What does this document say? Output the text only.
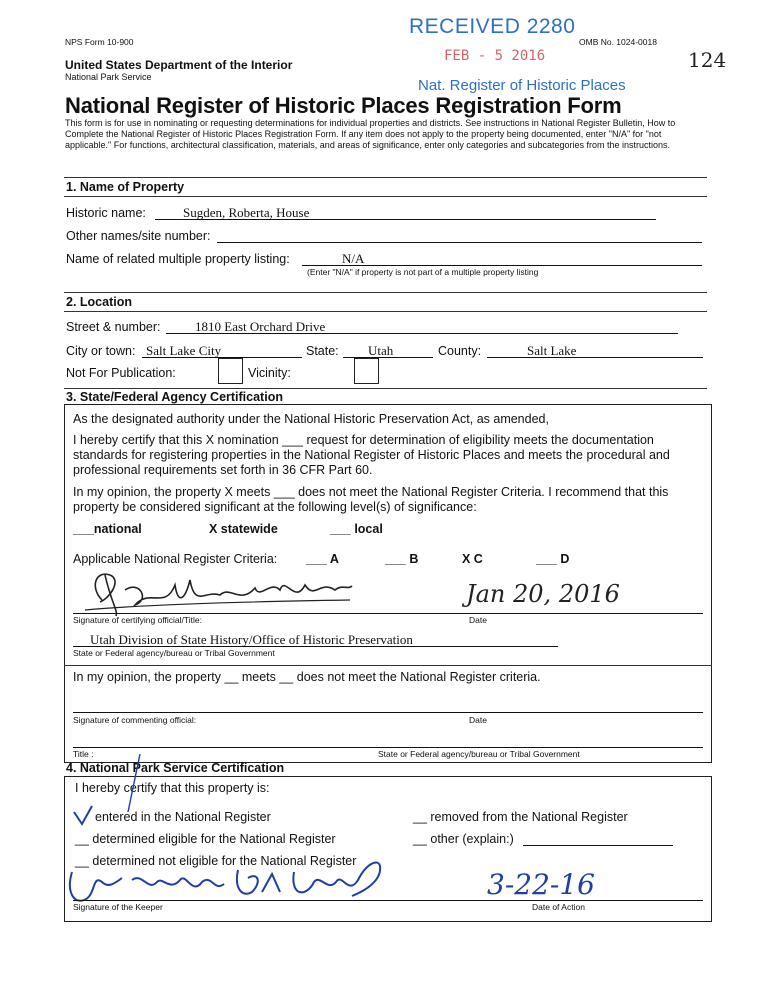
NPS Form 10-900	OMB No. 1024-0018
United States Department of the Interior
National Park Service
RECEIVED 2280
FEB - 5 2016
Nat. Register of Historic Places
124
National Register of Historic Places Registration Form
This form is for use in nominating or requesting determinations for individual properties and districts. See instructions in National Register Bulletin, How to Complete the National Register of Historic Places Registration Form. If any item does not apply to the property being documented, enter "N/A" for "not applicable." For functions, architectural classification, materials, and areas of significance, enter only categories and subcategories from the instructions.
1. Name of Property
Historic name:	Sugden, Roberta, House
Other names/site number:
Name of related multiple property listing:	N/A
(Enter "N/A" if property is not part of a multiple property listing
2. Location
Street & number:	1810 East Orchard Drive
City or town: Salt Lake City	State: Utah	County:	Salt Lake
Not For Publication:	Vicinity:
3. State/Federal Agency Certification
As the designated authority under the National Historic Preservation Act, as amended,
I hereby certify that this X nomination ___ request for determination of eligibility meets the documentation standards for registering properties in the National Register of Historic Places and meets the procedural and professional requirements set forth in 36 CFR Part 60.
In my opinion, the property X meets ___ does not meet the National Register Criteria. I recommend that this property be considered significant at the following level(s) of significance:
___national	X statewide	___ local
Applicable National Register Criteria: ___ A	___ B	X C	___ D
Jan 20, 2016
Signature of certifying official/Title:	Date
Utah Division of State History/Office of Historic Preservation
State or Federal agency/bureau or Tribal Government
In my opinion, the property __ meets __ does not meet the National Register criteria.
Signature of commenting official:	Date
Title :	State or Federal agency/bureau or Tribal Government
4. National Park Service Certification
I hereby certify that this property is:
entered in the National Register
__ determined eligible for the National Register
__ determined not eligible for the National Register
__ removed from the National Register
__ other (explain:)
3-22-16
Signature of the Keeper	Date of Action
